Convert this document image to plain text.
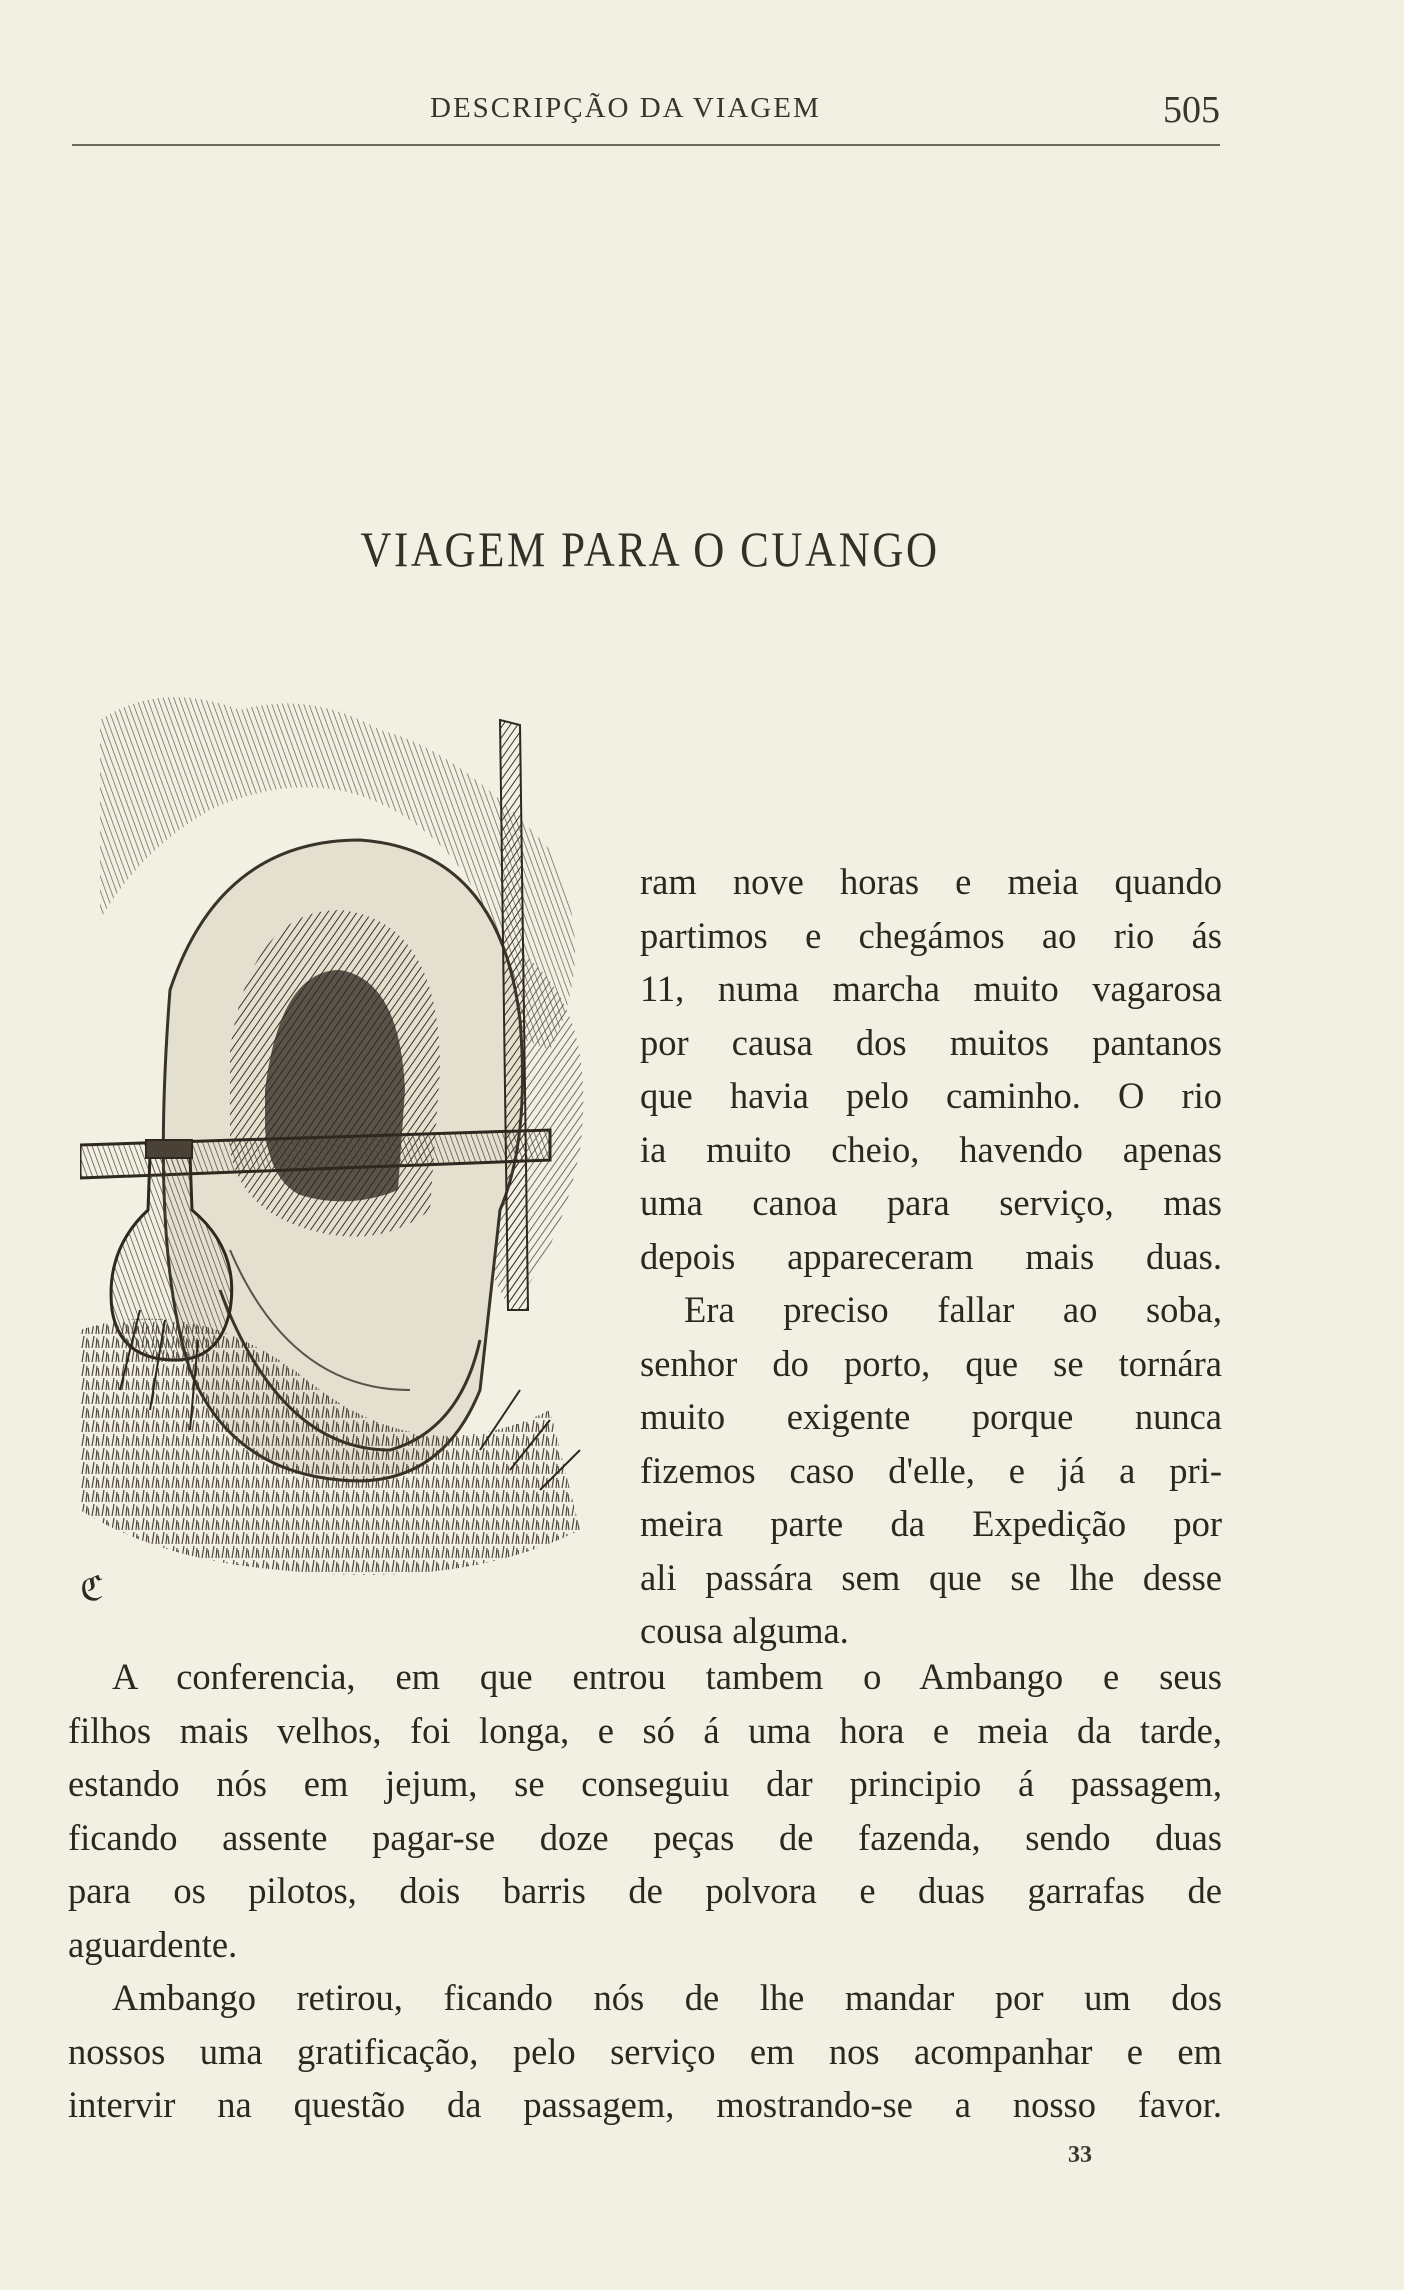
DESCRIPÇÃO DA VIAGEM	505
VIAGEM PARA O CUANGO
ℭ
ram nove horas e meia quando
partimos e chegámos ao rio ás
11, numa marcha muito vagarosa
por causa dos muitos pantanos
que havia pelo caminho. O rio
ia muito cheio, havendo apenas
uma canoa para serviço, mas
depois appareceram mais duas.
Era preciso fallar ao soba,
senhor do porto, que se tornára
muito exigente porque nunca
fizemos caso d'elle, e já a pri-
meira parte da Expedição por
ali passára sem que se lhe desse
cousa alguma.
A conferencia, em que entrou tambem o Ambango e seus
filhos mais velhos, foi longa, e só á uma hora e meia da tarde,
estando nós em jejum, se conseguiu dar principio á passagem,
ficando assente pagar-se doze peças de fazenda, sendo duas
para os pilotos, dois barris de polvora e duas garrafas de
aguardente.
Ambango retirou, ficando nós de lhe mandar por um dos
nossos uma gratificação, pelo serviço em nos acompanhar e em
intervir na questão da passagem, mostrando-se a nosso favor.
33
